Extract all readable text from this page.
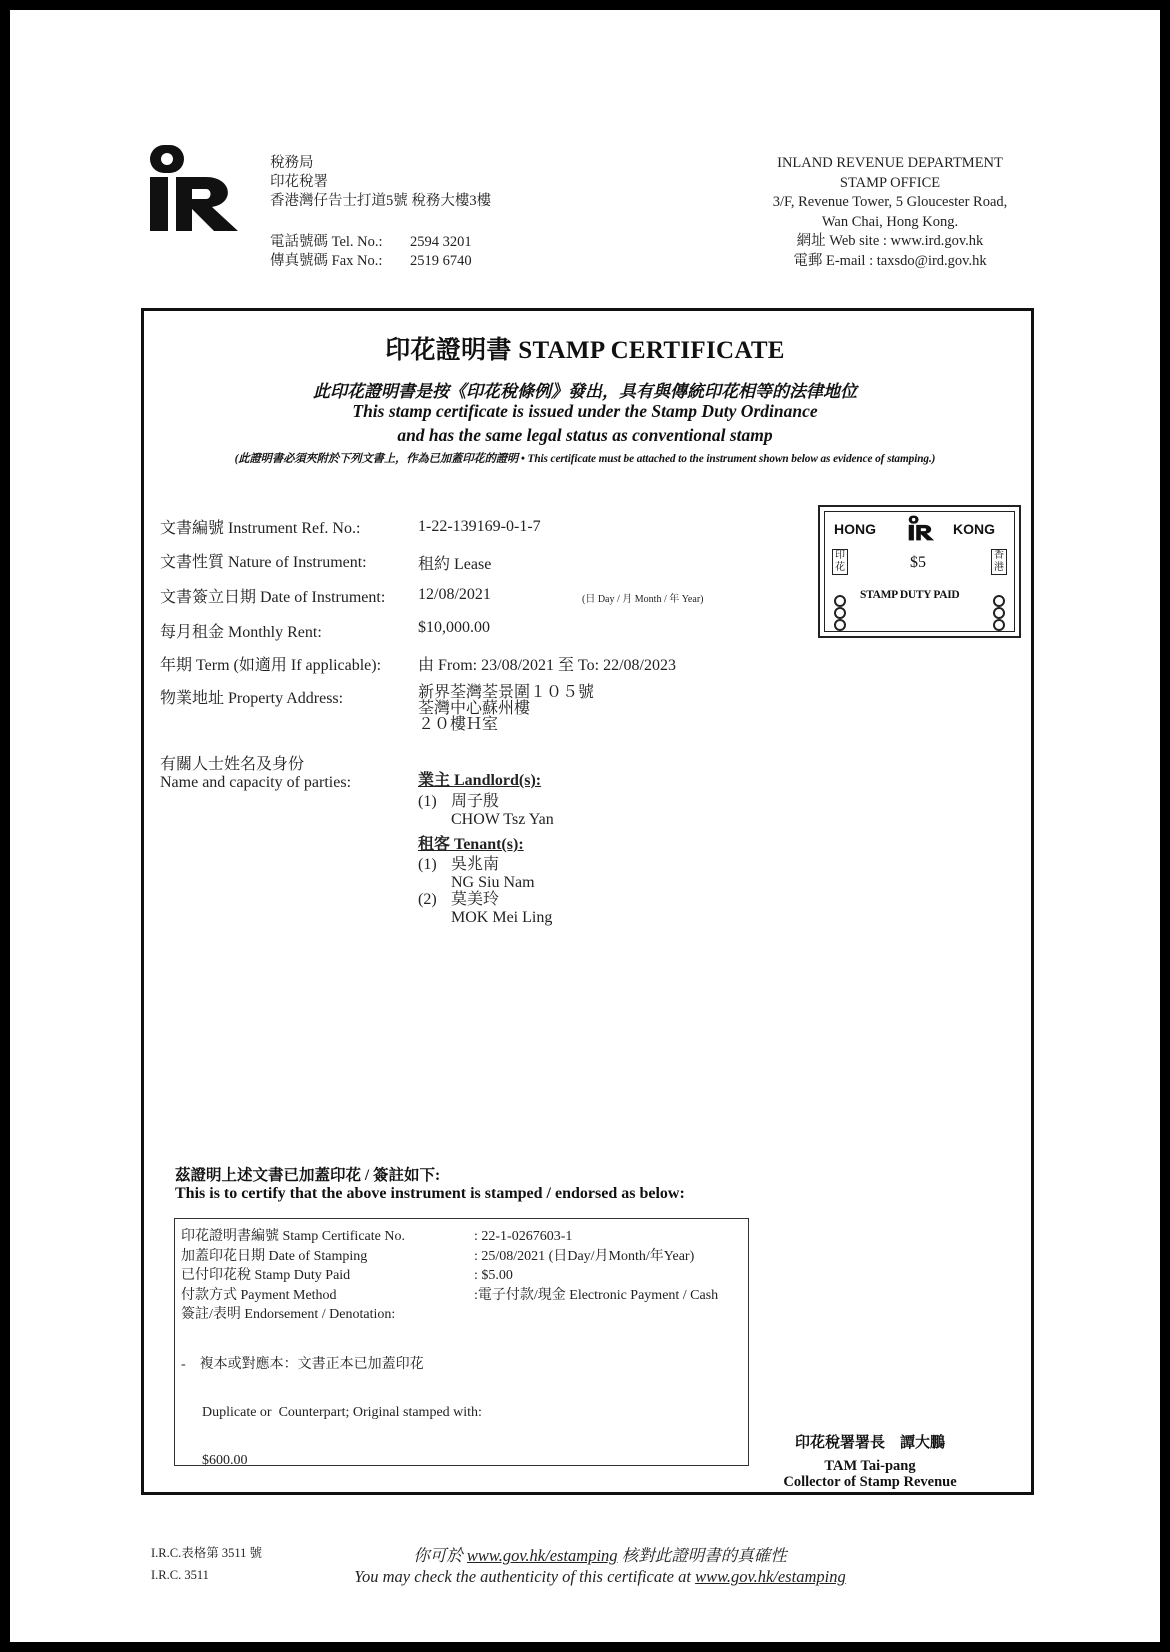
稅務局
印花稅署
香港灣仔告士打道5號 稅務大樓3樓
電話號碼 Tel. No.:	2594 3201
傳真號碼 Fax No.:	2519 6740
INLAND REVENUE DEPARTMENT
STAMP OFFICE
3/F, Revenue Tower, 5 Gloucester Road,
Wan Chai, Hong Kong.
網址 Web site : www.ird.gov.hk
電郵 E-mail : taxsdo@ird.gov.hk
印花證明書 STAMP CERTIFICATE
此印花證明書是按《印花稅條例》發出，具有與傳統印花相等的法律地位
This stamp certificate is issued under the Stamp Duty Ordinance
and has the same legal status as conventional stamp
(此證明書必須夾附於下列文書上，作為已加蓋印花的證明 • This certificate must be attached to the instrument shown below as evidence of stamping.)
文書編號 Instrument Ref. No.:	1-22-139169-0-1-7
文書性質 Nature of Instrument:	租約 Lease
文書簽立日期 Date of Instrument: 12/08/2021	(日 Day / 月 Month / 年 Year)
每月租金 Monthly Rent:	$10,000.00
年期 Term (如適用 If applicable): 由 From: 23/08/2021 至 To: 22/08/2023
物業地址 Property Address:	新界荃灣荃景圍１０５號
荃灣中心蘇州樓
２０樓Ｈ室
有關人士姓名及身份
Name and capacity of parties:	業主 Landlord(s):
(1) 周子殷
CHOW Tsz Yan
租客 Tenant(s):
(1) 吳兆南
NG Siu Nam
(2) 莫美玲
MOK Mei Ling
HONG	KONG
$5
STAMP DUTY PAID
印花
香港
茲證明上述文書已加蓋印花 / 簽註如下:
This is to certify that the above instrument is stamped / endorsed as below:
印花證明書編號 Stamp Certificate No.	: 22-1-0267603-1
加蓋印花日期 Date of Stamping	: 25/08/2021 (日Day/月Month/年Year)
已付印花稅 Stamp Duty Paid	: $5.00
付款方式 Payment Method	:電子付款/現金 Electronic Payment / Cash
簽註/表明 Endorsement / Denotation:

-    複本或對應本：文書正本已加蓋印花

Duplicate or  Counterpart; Original stamped with:

$600.00

印花稅署署長    譚大鵬
TAM Tai-pang
Collector of Stamp Revenue
I.R.C.表格第 3511 號
I.R.C. 3511
你可於 www.gov.hk/estamping 核對此證明書的真確性
You may check the authenticity of this certificate at www.gov.hk/estamping
